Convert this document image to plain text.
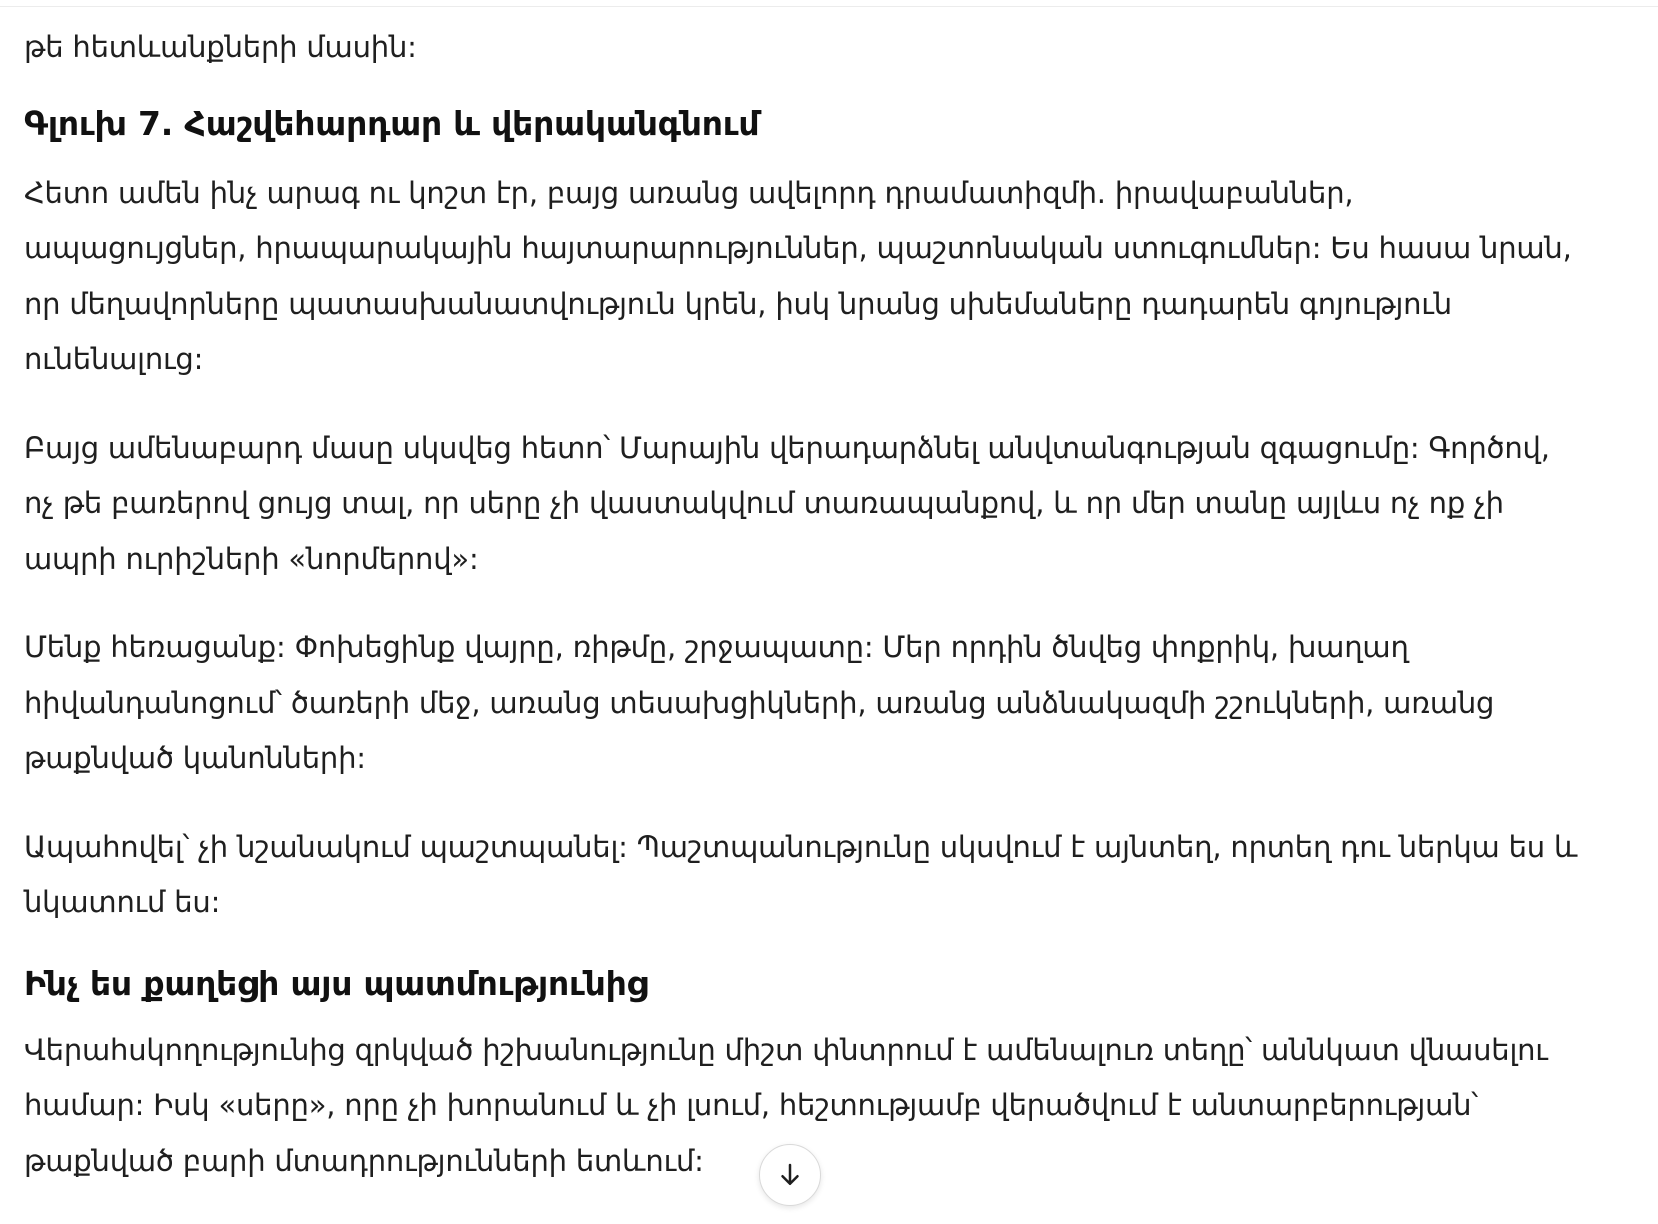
թե հետևանքների մասին:

Գլուխ 7. Հաշվեհարդար և վերականգնում

Հետո ամեն ինչ արագ ու կոշտ էր, բայց առանց ավելորդ դրամատիզմի. իրավաբաններ, ապացույցներ, հրապարակային հայտարարություններ, պաշտոնական ստուգումներ: Ես հասա նրան, որ մեղավորները պատասխանատվություն կրեն, իսկ նրանց սխեմաները դադարեն գոյություն ունենալուց:

Բայց ամենաբարդ մասը սկսվեց հետո՝ Մարային վերադարձնել անվտանգության զգացումը: Գործով, ոչ թե բառերով ցույց տալ, որ սերը չի վաստակվում տառապանքով, և որ մեր տանը այլևս ոչ ոք չի ապրի ուրիշների «նորմերով»:

Մենք հեռացանք: Փոխեցինք վայրը, ռիթմը, շրջապատը: Մեր որդին ծնվեց փոքրիկ, խաղաղ հիվանդանոցում՝ ծառերի մեջ, առանց տեսախցիկների, առանց անձնակազմի շշուկների, առանց թաքնված կանոնների:

Ապահովել՝ չի նշանակում պաշտպանել: Պաշտպանությունը սկսվում է այնտեղ, որտեղ դու ներկա ես և նկատում ես:

Ինչ ես քաղեցի այս պատմությունից

Վերահսկողությունից զրկված իշխանությունը միշտ փնտրում է ամենալուռ տեղը՝ աննկատ վնասելու համար: Իսկ «սերը», որը չի խորանում և չի լսում, հեշտությամբ վերածվում է անտարբերության՝ թաքնված բարի մտադրությունների ետևում:
